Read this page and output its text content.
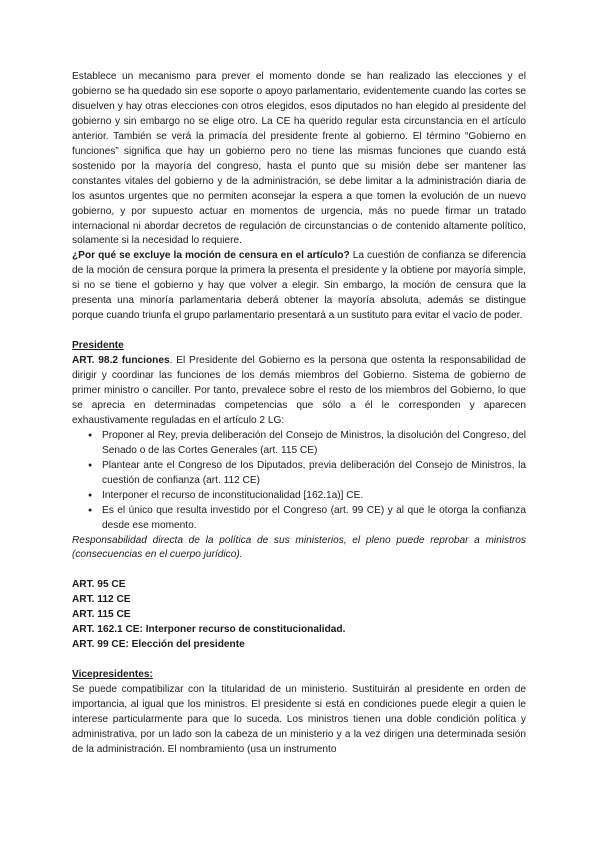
Establece un mecanismo para prever el momento donde se han realizado las elecciones y el gobierno se ha quedado sin ese soporte o apoyo parlamentario, evidentemente cuando las cortes se disuelven y hay otras elecciones con otros elegidos, esos diputados no han elegido al presidente del gobierno y sin embargo no se elige otro. La CE ha querido regular esta circunstancia en el artículo anterior. También se verá la primacía del presidente frente al gobierno. El término “Gobierno en funciones” significa que hay un gobierno pero no tiene las mismas funciones que cuando está sostenido por la mayoría del congreso, hasta el punto que su misión debe ser mantener las constantes vitales del gobierno y de la administración, se debe limitar a la administración diaria de los asuntos urgentes que no permiten aconsejar la espera a que tomen la evolución de un nuevo gobierno, y por supuesto actuar en momentos de urgencia, más no puede firmar un tratado internacional ni abordar decretos de regulación de circunstancias o de contenido altamente político, solamente si la necesidad lo requiere.

¿Por qué se excluye la moción de censura en el artículo? La cuestión de confianza se diferencia de la moción de censura porque la primera la presenta el presidente y la obtiene por mayoría simple, si no se tiene el gobierno y hay que volver a elegir. Sin embargo, la moción de censura que la presenta una minoría parlamentaria deberá obtener la mayoría absoluta, además se distingue porque cuando triunfa el grupo parlamentario presentará a un sustituto para evitar el vacío de poder.

Presidente

ART. 98.2 funciones. El Presidente del Gobierno es la persona que ostenta la responsabilidad de dirigir y coordinar las funciones de los demás miembros del Gobierno. Sistema de gobierno de primer ministro o canciller. Por tanto, prevalece sobre el resto de los miembros del Gobierno, lo que se aprecia en determinadas competencias que sólo a él le corresponden y aparecen exhaustivamente reguladas en el artículo 2 LG:

● Proponer al Rey, previa deliberación del Consejo de Ministros, la disolución del Congreso, del Senado o de las Cortes Generales (art. 115 CE)
● Plantear ante el Congreso de los Diputados, previa deliberación del Consejo de Ministros, la cuestión de confianza (art. 112 CE)
● Interponer el recurso de inconstitucionalidad [162.1a)] CE.
● Es el único que resulta investido por el Congreso (art. 99 CE) y al que le otorga la confianza desde ese momento.

Responsabilidad directa de la política de sus ministerios, el pleno puede reprobar a ministros (consecuencias en el cuerpo jurídico).

ART. 95 CE

ART. 112 CE

ART. 115 CE

ART. 162.1 CE: Interponer recurso de constitucionalidad.

ART. 99 CE: Elección del presidente

Vicepresidentes:

Se puede compatibilizar con la titularidad de un ministerio. Sustituirán al presidente en orden de importancia, al igual que los ministros. El presidente si está en condiciones puede elegir a quien le interese particularmente para que lo suceda. Los ministros tienen una doble condición política y administrativa, por un lado son la cabeza de un ministerio y a la vez dirigen una determinada sesión de la administración. El nombramiento (usa un instrumento
